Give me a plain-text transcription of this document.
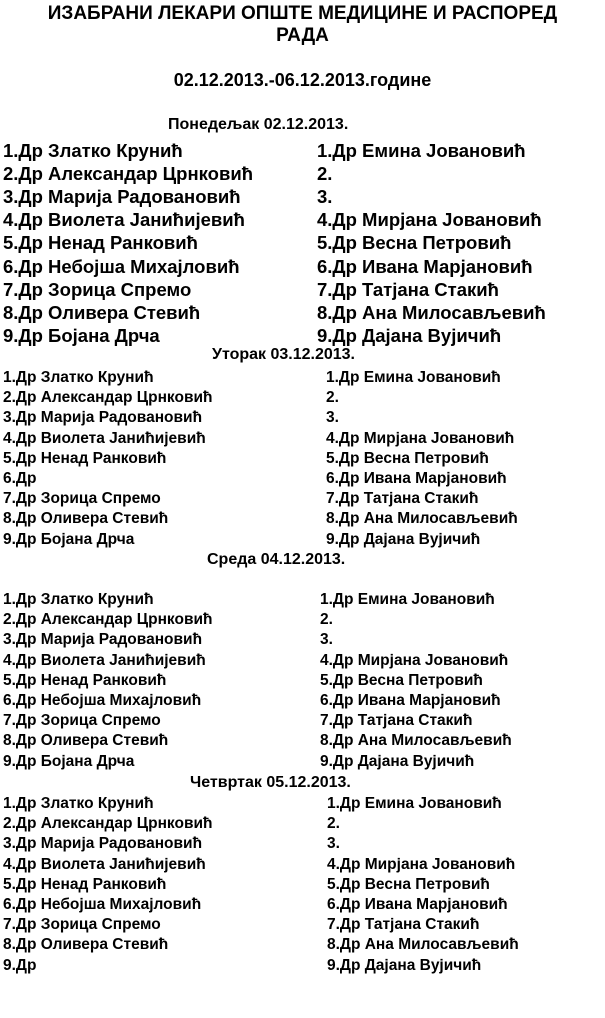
ИЗАБРАНИ ЛЕКАРИ ОПШТЕ МЕДИЦИНЕ И РАСПОРЕД
РАДА
02.12.2013.-06.12.2013.године
Понедељак 02.12.2013.
1.Др Златко Крунић	1.Др Емина Јовановић
2.Др Александар Црнковић	2.
3.Др Марија Радовановић	3.
4.Др Виолета Јанићијевић	4.Др Мирјана Јовановић
5.Др Ненад Ранковић	5.Др Весна Петровић
6.Др Небојша Михајловић	6.Др Ивана Марјановић
7.Др Зорица Спремо	7.Др Татјана Стакић
8.Др Оливера Стевић	8.Др Ана Милосављевић
9.Др Бојана Дрча	9.Др Дајана Вујичић
Уторак 03.12.2013.
1.Др Златко Крунић	1.Др Емина Јовановић
2.Др Александар Црнковић	2.
3.Др Марија Радовановић	3.
4.Др Виолета Јанићијевић	4.Др Мирјана Јовановић
5.Др Ненад Ранковић	5.Др Весна Петровић
6.Др	6.Др Ивана Марјановић
7.Др Зорица Спремо	7.Др Татјана Стакић
8.Др Оливера Стевић	8.Др Ана Милосављевић
9.Др Бојана Дрча	9.Др Дајана Вујичић
Среда 04.12.2013.
1.Др Златко Крунић	1.Др Емина Јовановић
2.Др Александар Црнковић	2.
3.Др Марија Радовановић	3.
4.Др Виолета Јанићијевић	4.Др Мирјана Јовановић
5.Др Ненад Ранковић	5.Др Весна Петровић
6.Др Небојша Михајловић	6.Др Ивана Марјановић
7.Др Зорица Спремо	7.Др Татјана Стакић
8.Др Оливера Стевић	8.Др Ана Милосављевић
9.Др Бојана Дрча	9.Др Дајана Вујичић
Четвртак 05.12.2013.
1.Др Златко Крунић	1.Др Емина Јовановић
2.Др Александар Црнковић	2.
3.Др Марија Радовановић	3.
4.Др Виолета Јанићијевић	4.Др Мирјана Јовановић
5.Др Ненад Ранковић	5.Др Весна Петровић
6.Др Небојша Михајловић	6.Др Ивана Марјановић
7.Др Зорица Спремо	7.Др Татјана Стакић
8.Др Оливера Стевић	8.Др Ана Милосављевић
9.Др	9.Др Дајана Вујичић
